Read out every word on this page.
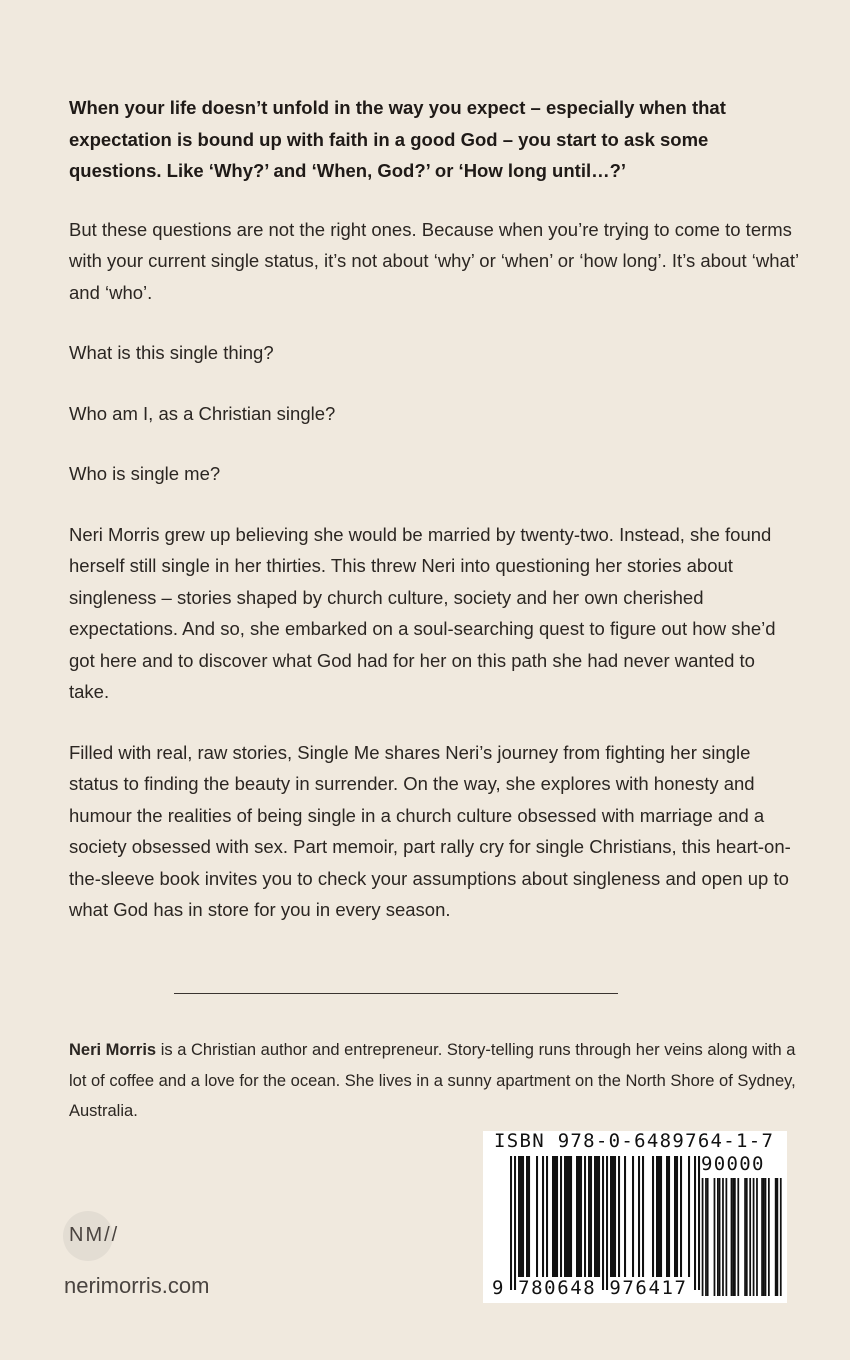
When your life doesn’t unfold in the way you expect – especially when that expectation is bound up with faith in a good God – you start to ask some questions. Like ‘Why?’ and ‘When, God?’ or ‘How long until…?’

But these questions are not the right ones. Because when you’re trying to come to terms with your current single status, it’s not about ‘why’ or ‘when’ or ‘how long’. It’s about ‘what’ and ‘who’.

What is this single thing?

Who am I, as a Christian single?

Who is single me?

Neri Morris grew up believing she would be married by twenty-two. Instead, she found herself still single in her thirties. This threw Neri into questioning her stories about singleness – stories shaped by church culture, society and her own cherished expectations. And so, she embarked on a soul-searching quest to figure out how she’d got here and to discover what God had for her on this path she had never wanted to take.

Filled with real, raw stories, Single Me shares Neri’s journey from fighting her single status to finding the beauty in surrender. On the way, she explores with honesty and humour the realities of being single in a church culture obsessed with marriage and a society obsessed with sex. Part memoir, part rally cry for single Christians, this heart-on-the-sleeve book invites you to check your assumptions about singleness and open up to what God has in store for you in every season.

Neri Morris is a Christian author and entrepreneur. Story-telling runs through her veins along with a lot of coffee and a love for the ocean. She lives in a sunny apartment on the North Shore of Sydney, Australia.
NM//
nerimorris.com
ISBN 978-0-6489764-1-7
90000
9 780648 976417
